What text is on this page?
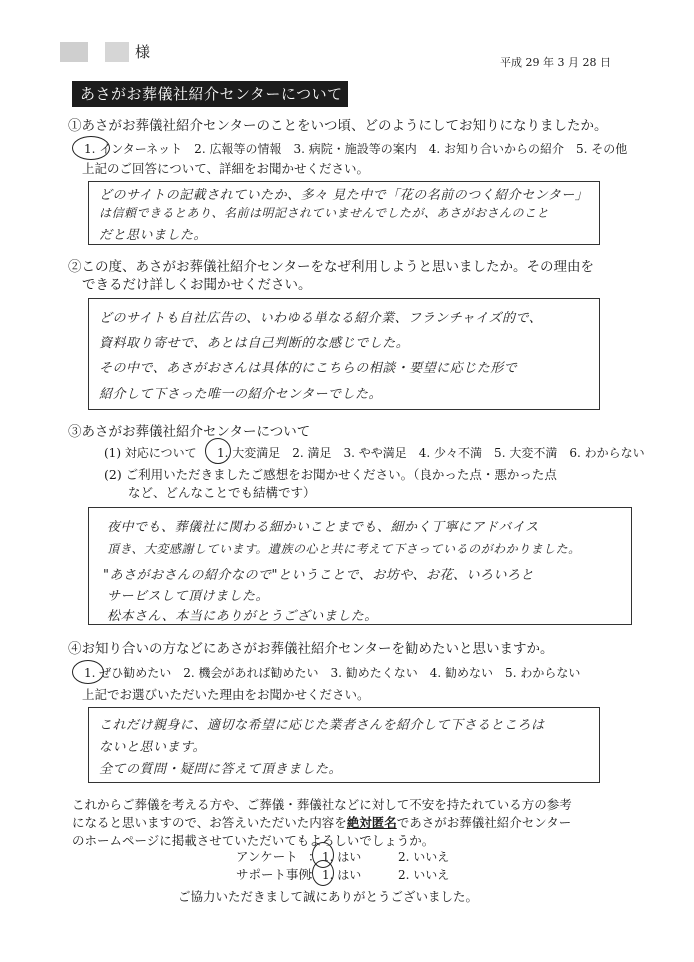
様
平成 29 年 3 月 28 日
あさがお葬儀社紹介センターについて
①あさがお葬儀社紹介センターのことをいつ頃、どのようにしてお知りになりましたか。
1. インターネット　2. 広報等の情報　3. 病院・施設等の案内　4. お知り合いからの紹介　5. その他
上記のご回答について、詳細をお聞かせください。
どのサイトの記載されていたか、多々 見た中で「花の名前のつく紹介センター」
は信頼できるとあり、名前は明記されていませんでしたが、あさがおさんのこと
だと思いました。
②この度、あさがお葬儀社紹介センターをなぜ利用しようと思いましたか。その理由を
できるだけ詳しくお聞かせください。
どのサイトも自社広告の、いわゆる単なる紹介業、フランチャイズ的で、
資料取り寄せで、あとは自己判断的な感じでした。
その中で、あさがおさんは具体的にこちらの相談・要望に応じた形で
紹介して下さった唯一の紹介センターでした。
③あさがお葬儀社紹介センターについて
(1) 対応について 1. 大変満足　2. 満足　3. やや満足　4. 少々不満　5. 大変不満　6. わからない
(2) ご利用いただきましたご感想をお聞かせください。（良かった点・悪かった点
など、どんなことでも結構です）
夜中でも、葬儀社に関わる細かいことまでも、細かく丁寧にアドバイス
頂き、大変感謝しています。遺族の心と共に考えて下さっているのがわかりました。
"あさがおさんの紹介なので"ということで、お坊や、お花、いろいろと
サービスして頂けました。
松本さん、本当にありがとうございました。
④お知り合いの方などにあさがお葬儀社紹介センターを勧めたいと思いますか。
1. ぜひ勧めたい　2. 機会があれば勧めたい　3. 勧めたくない　4. 勧めない　5. わからない
上記でお選びいただいた理由をお聞かせください。
これだけ親身に、適切な希望に応じた業者さんを紹介して下さるところは
ないと思います。
全ての質問・疑問に答えて頂きました。
これからご葬儀を考える方や、ご葬儀・葬儀社などに対して不安を持たれている方の参考
になると思いますので、お答えいただいた内容を絶対匿名であさがお葬儀社紹介センター
のホームページに掲載させていただいてもよろしいでしょうか。
アンケート ： 1. はい	2. いいえ
サポート事例
： 1. はい	2. いいえ
ご協力いただきまして誠にありがとうございました。
